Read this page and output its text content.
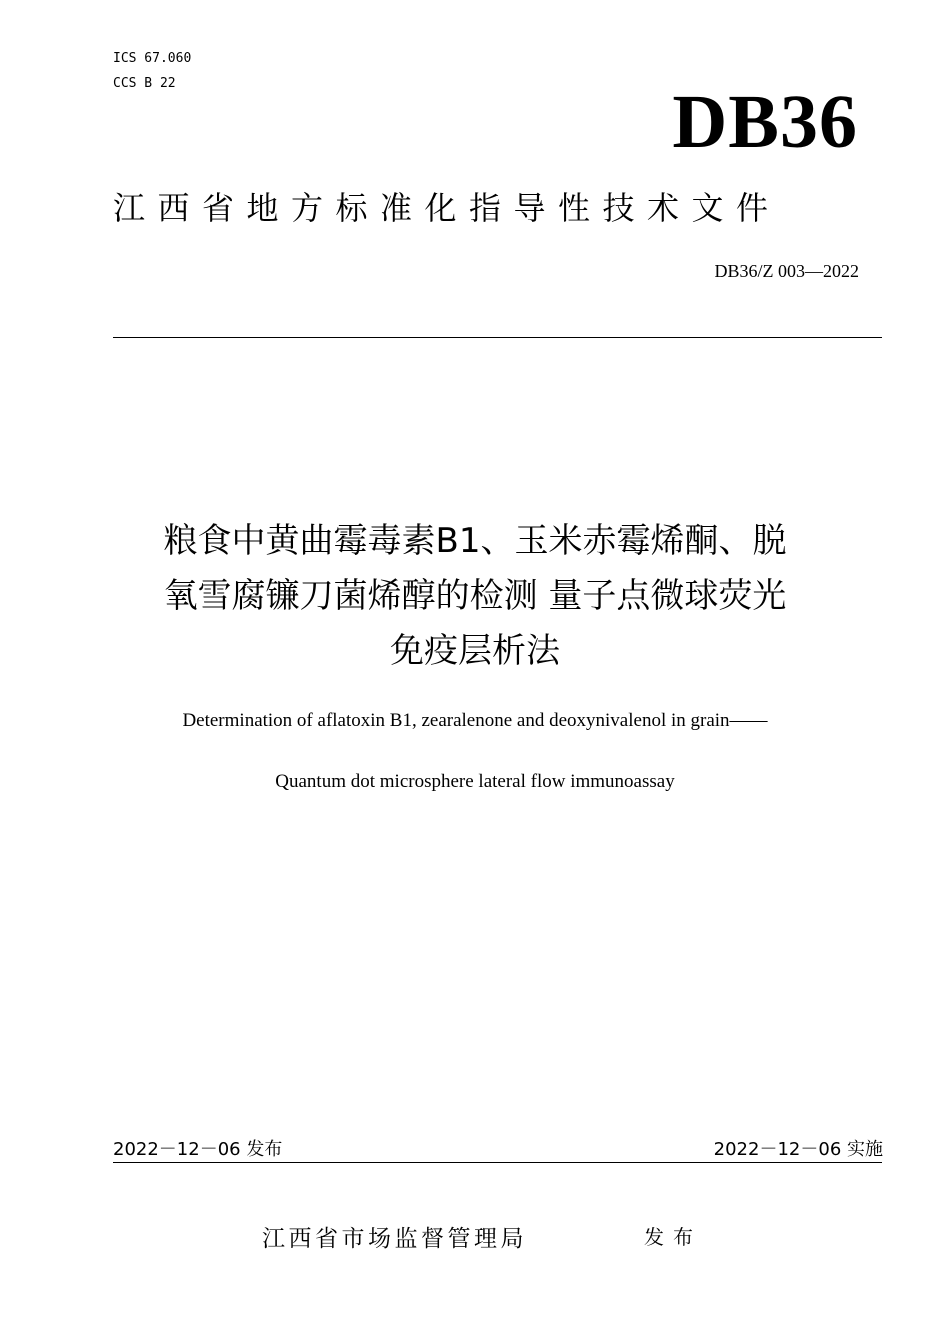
ICS 67.060
CCS B 22	DB36
江西省地方标准化指导性技术文件
DB36/Z 003—2022
粮食中黄曲霉毒素B1、玉米赤霉烯酮、脱
氧雪腐镰刀菌烯醇的检测 量子点微球荧光
免疫层析法
Determination of aflatoxin B1, zearalenone and deoxynivalenol in grain——
Quantum dot microsphere lateral flow immunoassay
2022－12－06 发布	2022－12－06 实施
江西省市场监督管理局	发布
